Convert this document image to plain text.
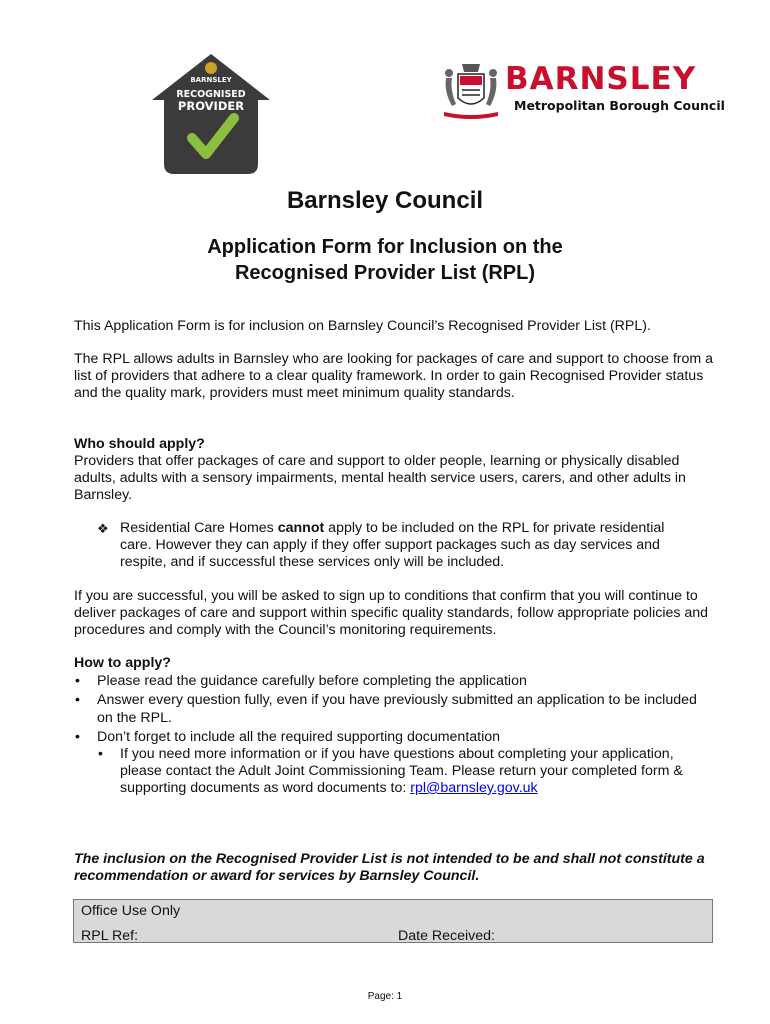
BARNSLEY
RECOGNISED
PROVIDER
BARNSLEY
Metropolitan Borough Council
Barnsley Council
Application Form for Inclusion on the
Recognised Provider List (RPL)
This Application Form is for inclusion on Barnsley Council’s Recognised Provider List (RPL).
The RPL allows adults in Barnsley who are looking for packages of care and support to choose from a list of providers that adhere to a clear quality framework. In order to gain Recognised Provider status and the quality mark, providers must meet minimum quality standards.
Who should apply?
Providers that offer packages of care and support to older people, learning or physically disabled adults, adults with a sensory impairments, mental health service users, carers, and other adults in Barnsley.
❖ Residential Care Homes cannot apply to be included on the RPL for private residential care. However they can apply if they offer support packages such as day services and respite, and if successful these services only will be included.
If you are successful, you will be asked to sign up to conditions that confirm that you will continue to deliver packages of care and support within specific quality standards, follow appropriate policies and procedures and comply with the Council’s monitoring requirements.
How to apply?
• Please read the guidance carefully before completing the application
• Answer every question fully, even if you have previously submitted an application to be included on the RPL.
• Don’t forget to include all the required supporting documentation
• If you need more information or if you have questions about completing your application, please contact the Adult Joint Commissioning Team. Please return your completed form & supporting documents as word documents to: rpl@barnsley.gov.uk
The inclusion on the Recognised Provider List is not intended to be and shall not constitute a recommendation or award for services by Barnsley Council.
Office Use Only
RPL Ref:	Date Received:
Page: 1
